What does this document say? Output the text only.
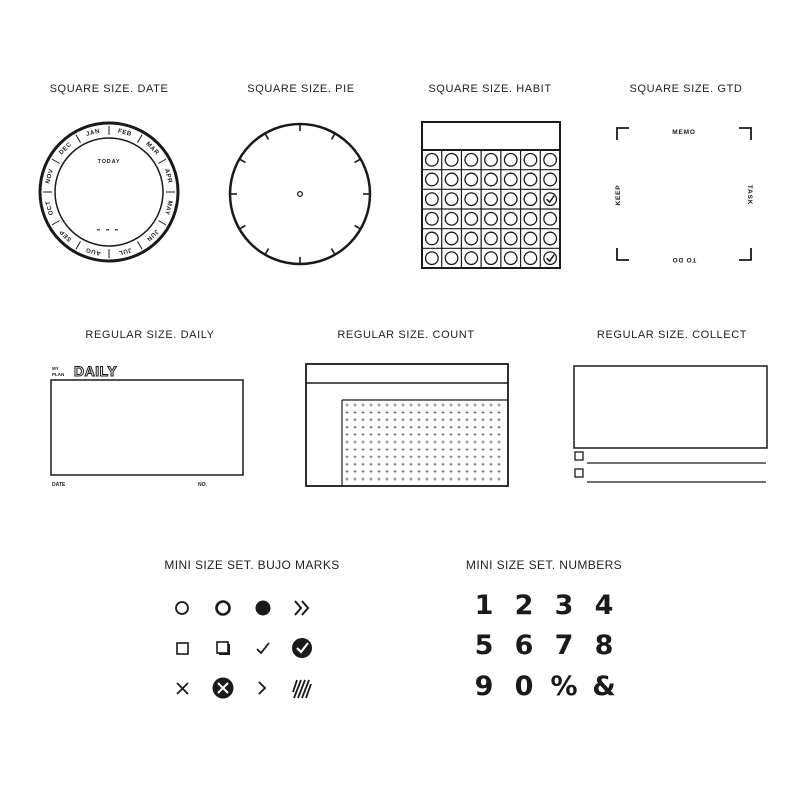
SQUARE SIZE. DATE	SQUARE SIZE. PIE	SQUARE SIZE. HABIT	SQUARE SIZE. GTD
REGULAR SIZE. DAILY	REGULAR SIZE. COUNT	REGULAR SIZE. COLLECT
MINI SIZE SET. BUJO MARKS	MINI SIZE SET. NUMBERS
JAN	FEB
MAR
APR
MAY
JUN
JUL
AUG
SEP
OCT
NOV
DEC
TODAY
MEMO
TASK
TO DO
KEEP
MY
PLAN DAILY
DATE	NO.
1 2 3 4
5 6 7 8
9 0 % &
